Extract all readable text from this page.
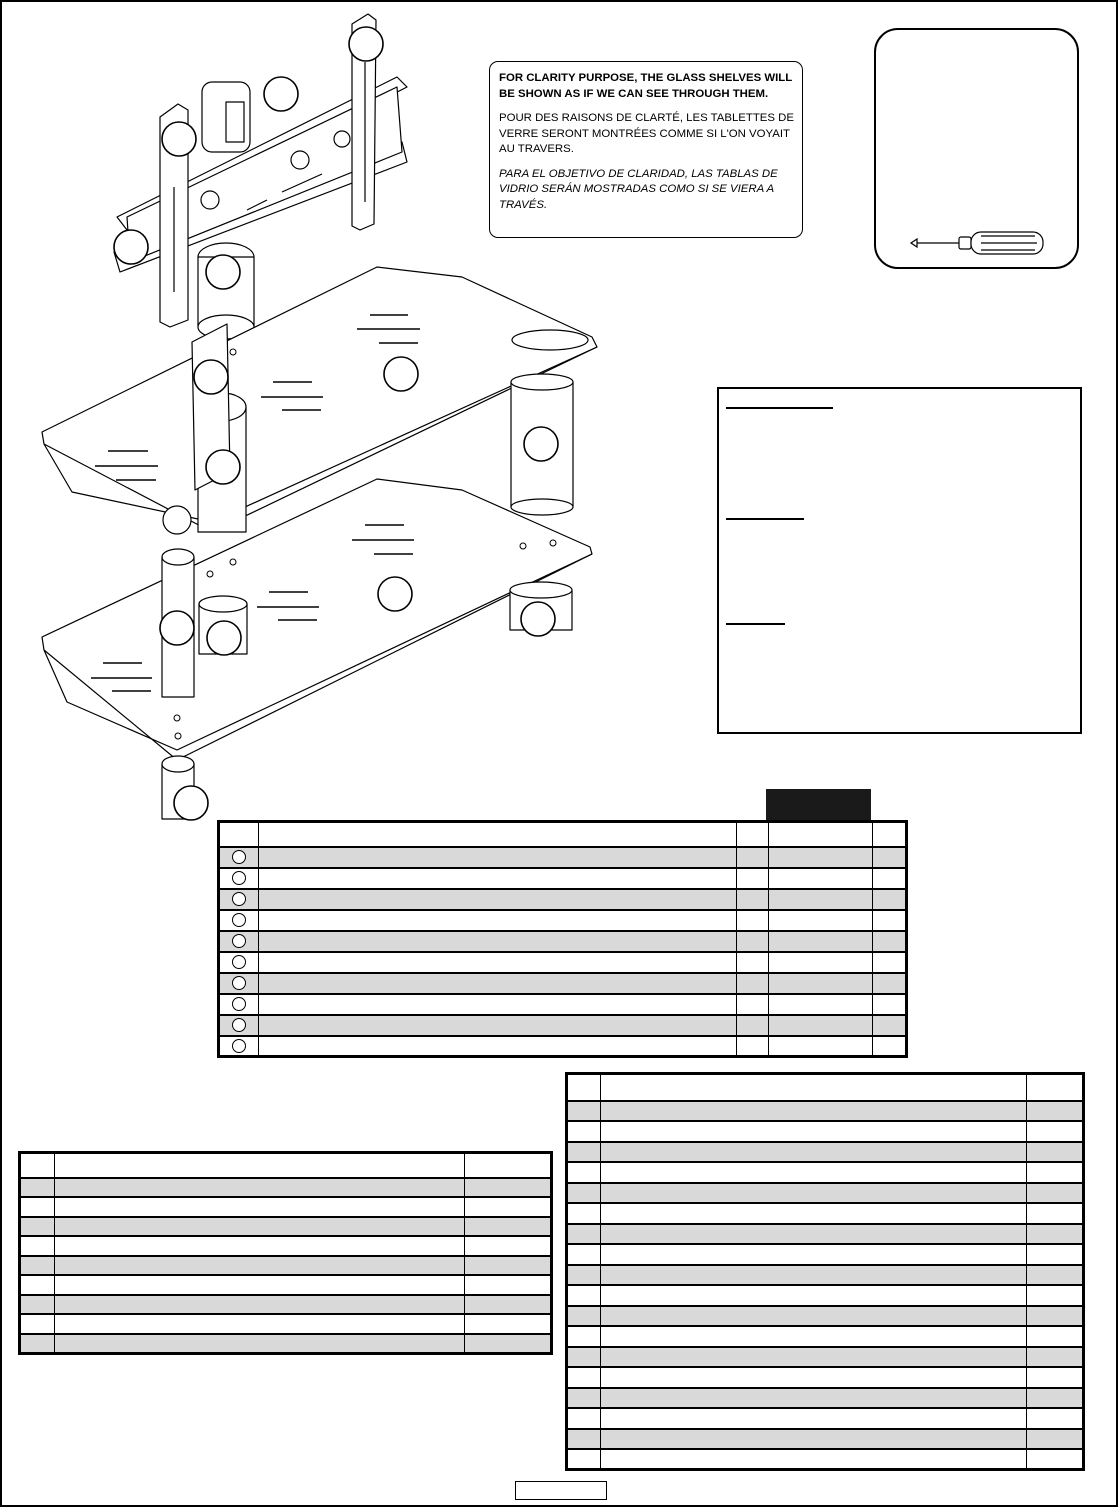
FOR CLARITY PURPOSE, THE GLASS SHELVES WILL BE SHOWN AS IF WE CAN SEE THROUGH THEM.

POUR DES RAISONS DE CLARTÉ, LES TABLETTES DE VERRE SERONT MONTRÉES COMME SI L'ON VOYAIT AU TRAVERS.

PARA EL OBJETIVO DE CLARIDAD, LAS TABLAS DE VIDRIO SERÁN MOSTRADAS COMO SI SE VIERA A TRAVÉS.
